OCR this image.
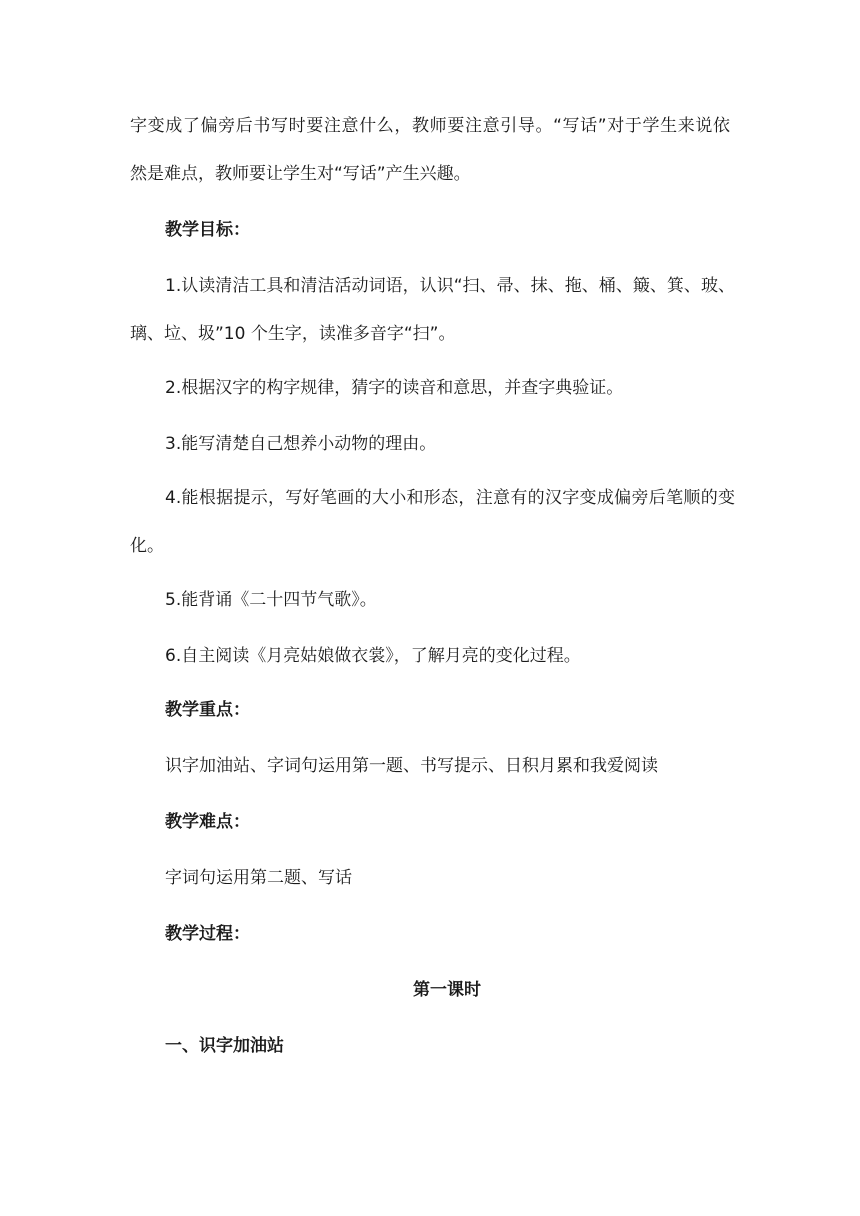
字变成了偏旁后书写时要注意什么，教师要注意引导。“写话”对于学生来说依
然是难点，教师要让学生对“写话”产生兴趣。
教学目标：
1.认读清洁工具和清洁活动词语，认识“扫、帚、抹、拖、桶、簸、箕、玻、
璃、垃、圾”10 个生字，读准多音字“扫”。
2.根据汉字的构字规律，猜字的读音和意思，并查字典验证。
3.能写清楚自己想养小动物的理由。
4.能根据提示，写好笔画的大小和形态，注意有的汉字变成偏旁后笔顺的变
化。
5.能背诵《二十四节气歌》。
6.自主阅读《月亮姑娘做衣裳》，了解月亮的变化过程。
教学重点：
识字加油站、字词句运用第一题、书写提示、日积月累和我爱阅读
教学难点：
字词句运用第二题、写话
教学过程：
第一课时
一、识字加油站
